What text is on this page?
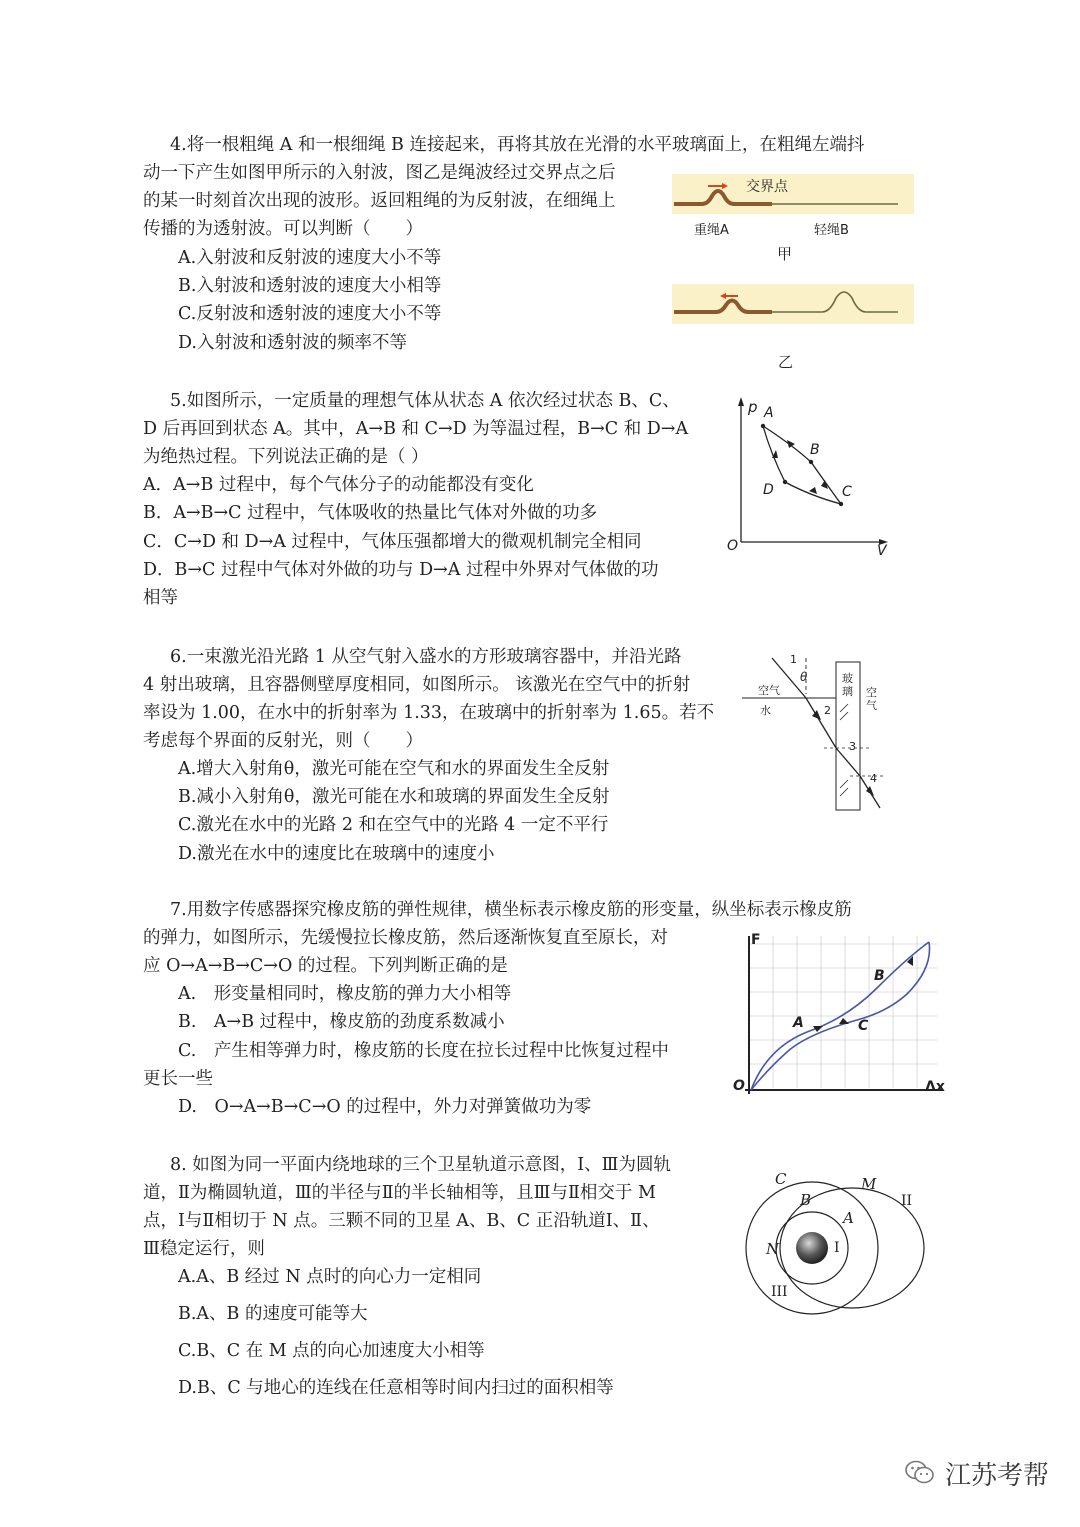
4.将一根粗绳 A 和一根细绳 B 连接起来，再将其放在光滑的水平玻璃面上，在粗绳左端抖
动一下产生如图甲所示的入射波，图乙是绳波经过交界点之后
的某一时刻首次出现的波形。返回粗绳的为反射波，在细绳上
传播的为透射波。可以判断（　　）
A.入射波和反射波的速度大小不等
B.入射波和透射波的速度大小相等
C.反射波和透射波的速度大小不等
D.入射波和透射波的频率不等
交界点
重绳A	轻绳B
甲
乙
5.如图所示，一定质量的理想气体从状态 A 依次经过状态 B、C、
D 后再回到状态 A。其中，A→B 和 C→D 为等温过程，B→C 和 D→A
为绝热过程。下列说法正确的是（ ）
A．A→B 过程中，每个气体分子的动能都没有变化
B．A→B→C 过程中，气体吸收的热量比气体对外做的功多
C．C→D 和 D→A 过程中，气体压强都增大的微观机制完全相同
D．B→C 过程中气体对外做的功与 D→A 过程中外界对气体做的功
相等
p
V
O
A
B
C
D
6.一束激光沿光路 1 从空气射入盛水的方形玻璃容器中，并沿光路
4 射出玻璃，且容器侧壁厚度相同，如图所示。 该激光在空气中的折射
率设为 1.00，在水中的折射率为 1.33，在玻璃中的折射率为 1.65。若不
考虑每个界面的反射光，则（　　）
A.增大入射角θ，激光可能在空气和水的界面发生全反射
B.减小入射角θ，激光可能在水和玻璃的界面发生全反射
C.激光在水中的光路 2 和在空气中的光路 4 一定不平行
D.激光在水中的速度比在玻璃中的速度小
空气
水
玻璃 空气
θ
1
2
3
4
7.用数字传感器探究橡皮筋的弹性规律，横坐标表示橡皮筋的形变量，纵坐标表示橡皮筋
的弹力，如图所示，先缓慢拉长橡皮筋，然后逐渐恢复直至原长，对
应 O→A→B→C→O 的过程。下列判断正确的是
A.　形变量相同时，橡皮筋的弹力大小相等
B.　A→B 过程中，橡皮筋的劲度系数减小
C.　产生相等弹力时，橡皮筋的长度在拉长过程中比恢复过程中
更长一些
D.　O→A→B→C→O 的过程中，外力对弹簧做功为零
F
Δx
O
A
B
C
8. 如图为同一平面内绕地球的三个卫星轨道示意图，Ⅰ、Ⅲ为圆轨
道，Ⅱ为椭圆轨道，Ⅲ的半径与Ⅱ的半长轴相等，且Ⅲ与Ⅱ相交于 M
点，Ⅰ与Ⅱ相切于 N 点。三颗不同的卫星 A、B、C 正沿轨道Ⅰ、Ⅱ、
Ⅲ稳定运行，则
A.A、B 经过 N 点时的向心力一定相同
B.A、B 的速度可能等大
C.B、C 在 M 点的向心加速度大小相等
D.B、C 与地心的连线在任意相等时间内扫过的面积相等
C	M
B
A
N	I
II
III
江苏考帮
